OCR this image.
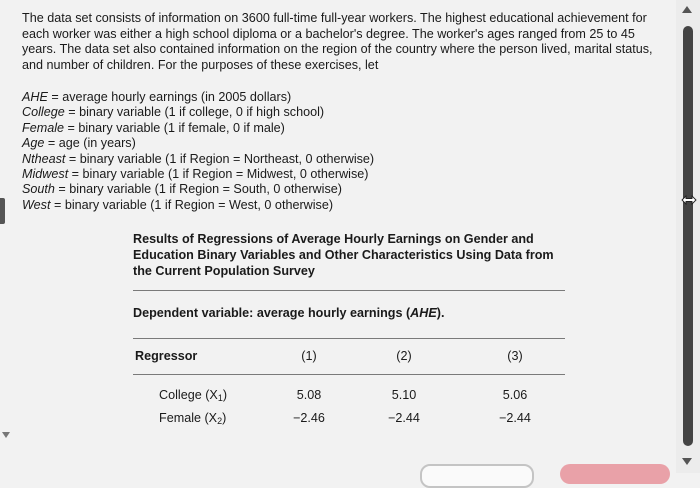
The data set consists of information on 3600 full-time full-year workers. The highest educational achievement for each worker was either a high school diploma or a bachelor's degree. The worker's ages ranged from 25 to 45 years. The data set also contained information on the region of the country where the person lived, marital status, and number of children. For the purposes of these exercises, let
AHE = average hourly earnings (in 2005 dollars)
College = binary variable (1 if college, 0 if high school)
Female = binary variable (1 if female, 0 if male)
Age = age (in years)
Ntheast = binary variable (1 if Region = Northeast, 0 otherwise)
Midwest = binary variable (1 if Region = Midwest, 0 otherwise)
South = binary variable (1 if Region = South, 0 otherwise)
West = binary variable (1 if Region = West, 0 otherwise)
Results of Regressions of Average Hourly Earnings on Gender and Education Binary Variables and Other Characteristics Using Data from the Current Population Survey
Dependent variable: average hourly earnings (AHE).
Regressor	(1)	(2)	(3)
College $(X_1)$	5.08	5.10	5.06
Female $(X_2)$	−2.46	−2.44	−2.44
